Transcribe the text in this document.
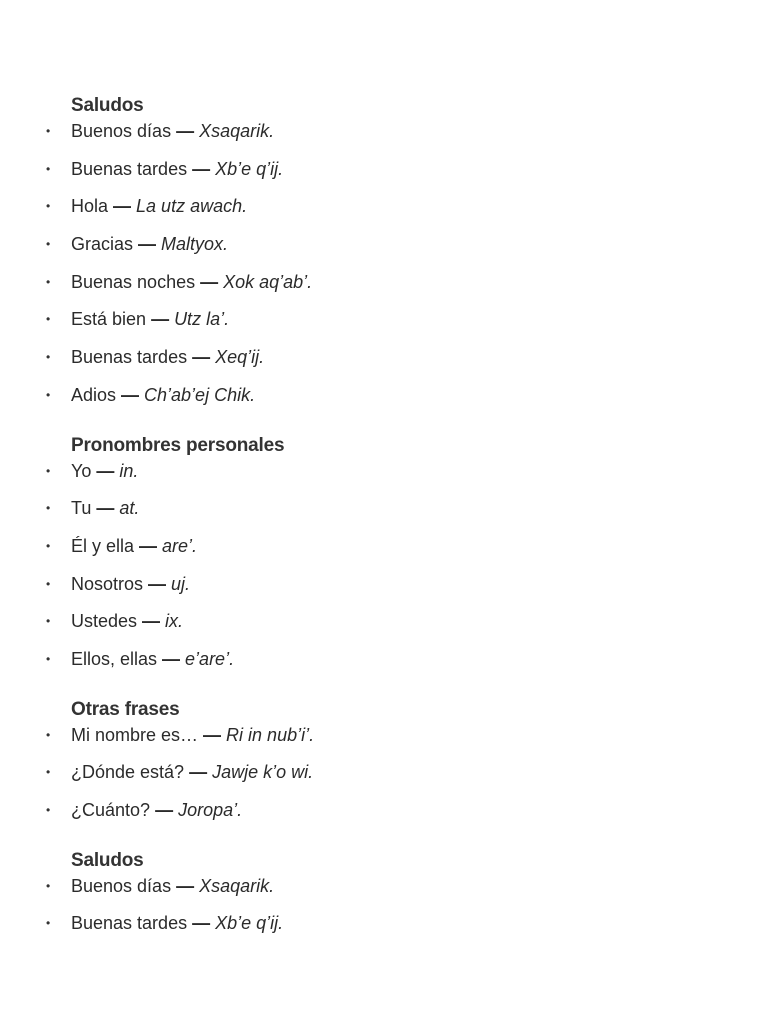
Saludos
• Buenos días — Xsaqarik.
• Buenas tardes — Xb’e q’ij.
• Hola — La utz awach.
• Gracias — Maltyox.
• Buenas noches — Xok aq’ab’.
• Está bien — Utz la’.
• Buenas tardes — Xeq’ij.
• Adios — Ch’ab’ej Chik.
Pronombres personales
• Yo — in.
• Tu — at.
• Él y ella — are’.
• Nosotros — uj.
• Ustedes — ix.
• Ellos, ellas — e’are’.
Otras frases
• Mi nombre es… — Ri in nub’i’.
• ¿Dónde está? — Jawje k’o wi.
• ¿Cuánto? — Joropa’.
Saludos
• Buenos días — Xsaqarik.
• Buenas tardes — Xb’e q’ij.
